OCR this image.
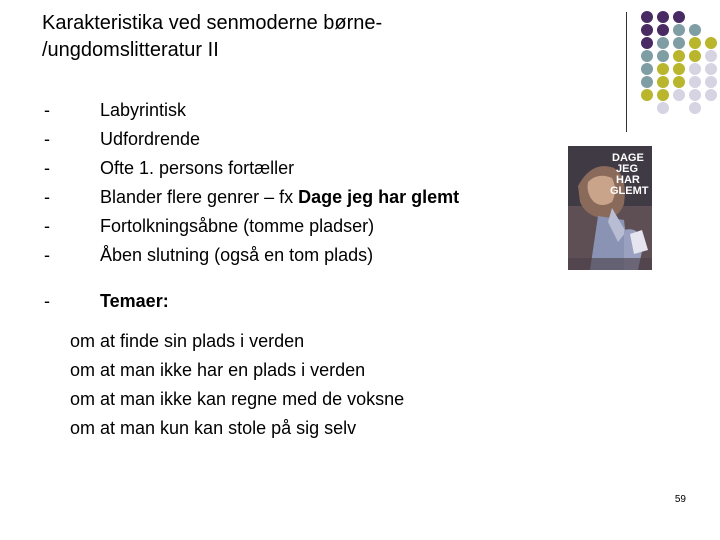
Karakteristika ved senmoderne børne-
/ungdomslitteratur II
-	Labyrintisk
-	Udfordrende
-	Ofte 1. persons fortæller
-	Blander flere genrer – fx Dage jeg har glemt
-	Fortolkningsåbne (tomme pladser)
-	Åben slutning (også en tom plads)
-	Temaer:
om at finde sin plads i verden
om at man ikke har en plads i verden
om at man ikke kan regne med de voksne
om at man kun kan stole på sig selv
DAGE
JEG
HAR
GLEMT
59
